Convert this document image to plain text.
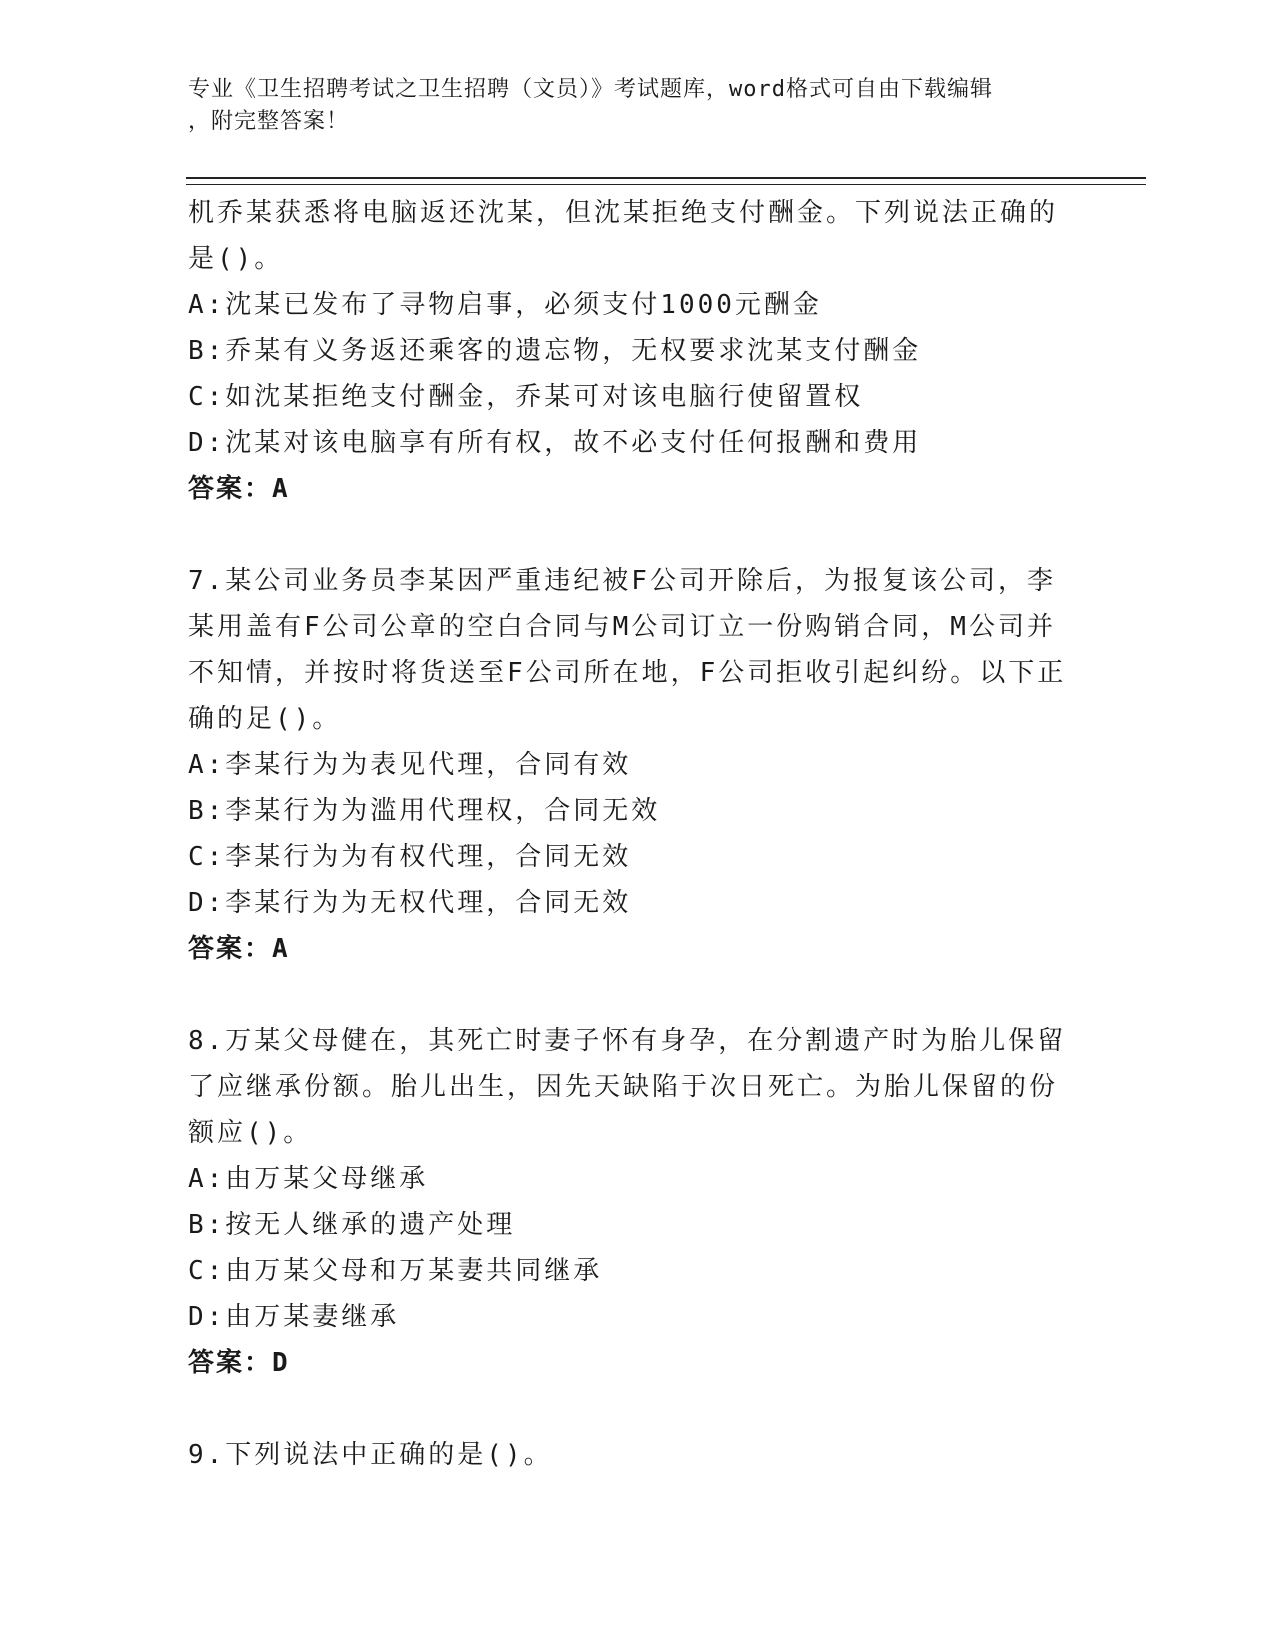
专业《卫生招聘考试之卫生招聘（文员）》考试题库，word格式可自由下载编辑
，附完整答案！
机乔某获悉将电脑返还沈某，但沈某拒绝支付酬金。下列说法正确的
是()。
A:沈某已发布了寻物启事，必须支付1000元酬金
B:乔某有义务返还乘客的遗忘物，无权要求沈某支付酬金
C:如沈某拒绝支付酬金，乔某可对该电脑行使留置权
D:沈某对该电脑享有所有权，故不必支付任何报酬和费用
答案：A
7.某公司业务员李某因严重违纪被F公司开除后，为报复该公司，李
某用盖有F公司公章的空白合同与M公司订立一份购销合同，M公司并
不知情，并按时将货送至F公司所在地，F公司拒收引起纠纷。以下正
确的足()。
A:李某行为为表见代理，合同有效
B:李某行为为滥用代理权，合同无效
C:李某行为为有权代理，合同无效
D:李某行为为无权代理，合同无效
答案：A
8.万某父母健在，其死亡时妻子怀有身孕，在分割遗产时为胎儿保留
了应继承份额。胎儿出生，因先天缺陷于次日死亡。为胎儿保留的份
额应()。
A:由万某父母继承
B:按无人继承的遗产处理
C:由万某父母和万某妻共同继承
D:由万某妻继承
答案：D
9.下列说法中正确的是()。
